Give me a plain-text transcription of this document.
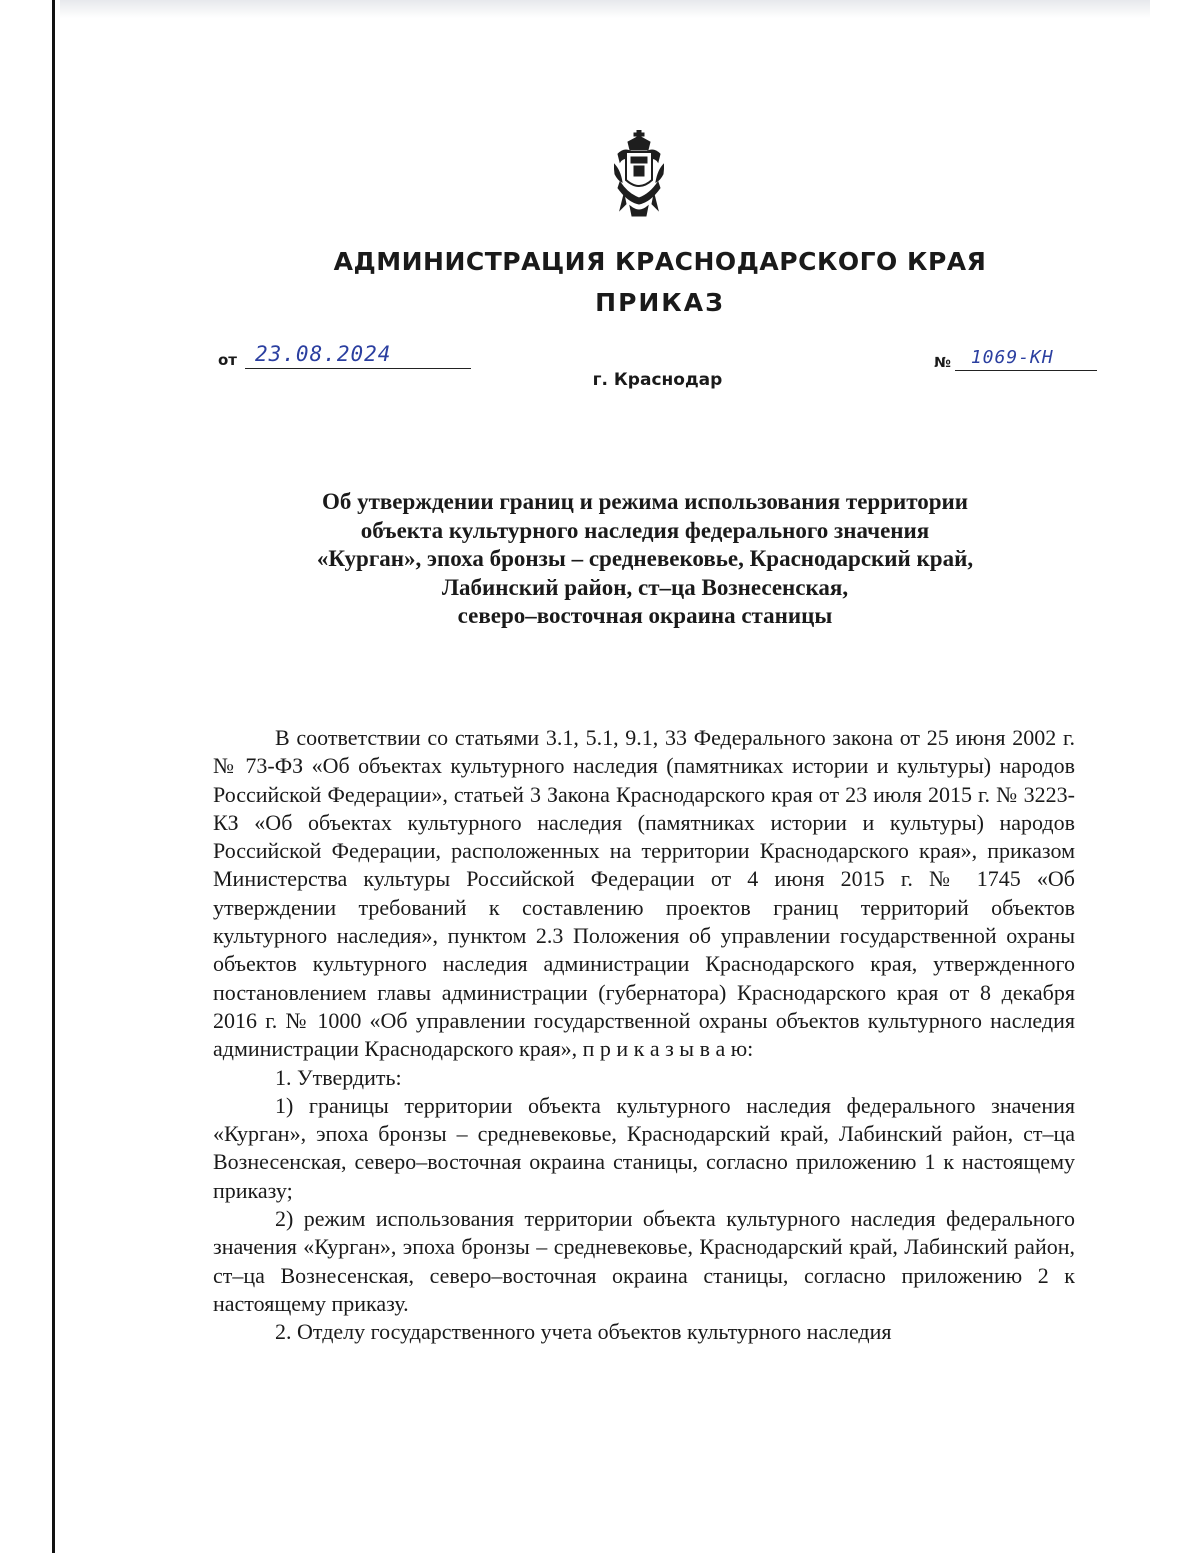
АДМИНИСТРАЦИЯ КРАСНОДАРСКОГО КРАЯ
ПРИКАЗ
от 23.08.2024
г. Краснодар
№ 1069-КН
Об утверждении границ и режима использования территории
объекта культурного наследия федерального значения
«Курган», эпоха бронзы – средневековье, Краснодарский край,
Лабинский район, ст–ца Вознесенская,
северо–восточная окраина станицы

В соответствии со статьями 3.1, 5.1, 9.1, 33 Федерального закона от 25 июня 2002 г. № 73-ФЗ «Об объектах культурного наследия (памятниках истории и культуры) народов Российской Федерации», статьей 3 Закона Краснодарского края от 23 июля 2015 г. № 3223-КЗ «Об объектах культурного наследия (памятниках истории и культуры) народов Российской Федерации, расположенных на территории Краснодарского края», приказом Министерства культуры Российской Федерации от 4 июня 2015 г. № 1745 «Об утверждении требований к составлению проектов границ территорий объектов культурного наследия», пунктом 2.3 Положения об управлении государственной охраны объектов культурного наследия администрации Краснодарского края, утвержденного постановлением главы администрации (губернатора) Краснодарского края от 8 декабря 2016 г. № 1000 «Об управлении государственной охраны объектов культурного наследия администрации Краснодарского края», п р и к а з ы в а ю:

1. Утвердить:

1) границы территории объекта культурного наследия федерального значения «Курган», эпоха бронзы – средневековье, Краснодарский край, Лабинский район, ст–ца Вознесенская, северо–восточная окраина станицы, согласно приложению 1 к настоящему приказу;

2) режим использования территории объекта культурного наследия федерального значения «Курган», эпоха бронзы – средневековье, Краснодарский край, Лабинский район, ст–ца Вознесенская, северо–восточная окраина станицы, согласно приложению 2 к настоящему приказу.

2. Отделу государственного учета объектов культурного наследия
